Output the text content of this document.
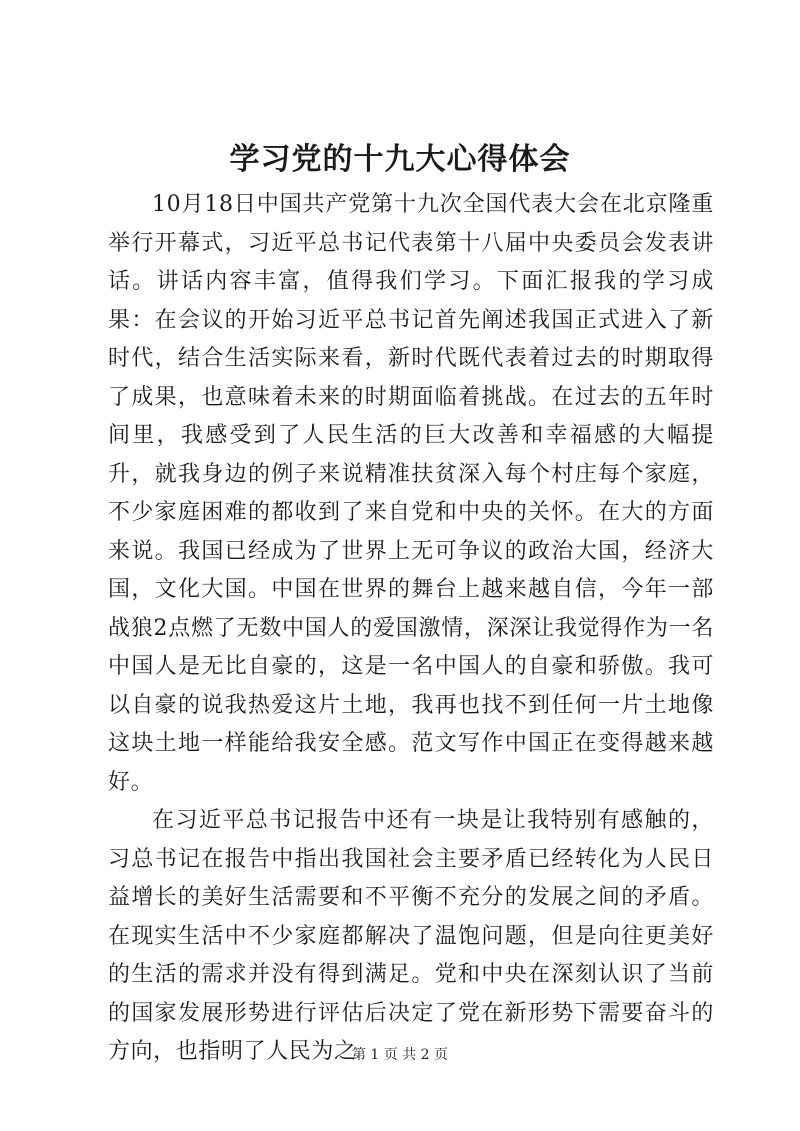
学习党的十九大心得体会

10月18日中国共产党第十九次全国代表大会在北京隆重举行开幕式，习近平总书记代表第十八届中央委员会发表讲话。讲话内容丰富，值得我们学习。下面汇报我的学习成果：在会议的开始习近平总书记首先阐述我国正式进入了新时代，结合生活实际来看，新时代既代表着过去的时期取得了成果，也意味着未来的时期面临着挑战。在过去的五年时间里，我感受到了人民生活的巨大改善和幸福感的大幅提升，就我身边的例子来说精准扶贫深入每个村庄每个家庭，不少家庭困难的都收到了来自党和中央的关怀。在大的方面来说。我国已经成为了世界上无可争议的政治大国，经济大国，文化大国。中国在世界的舞台上越来越自信，今年一部战狼2点燃了无数中国人的爱国激情，深深让我觉得作为一名中国人是无比自豪的，这是一名中国人的自豪和骄傲。我可以自豪的说我热爱这片土地，我再也找不到任何一片土地像这块土地一样能给我安全感。范文写作中国正在变得越来越好。

在习近平总书记报告中还有一块是让我特别有感触的，习总书记在报告中指出我国社会主要矛盾已经转化为人民日益增长的美好生活需要和不平衡不充分的发展之间的矛盾。在现实生活中不少家庭都解决了温饱问题，但是向往更美好的生活的需求并没有得到满足。党和中央在深刻认识了当前的国家发展形势进行评估后决定了党在新形势下需要奋斗的方向，也指明了人民为之

第 1 页 共 2 页
